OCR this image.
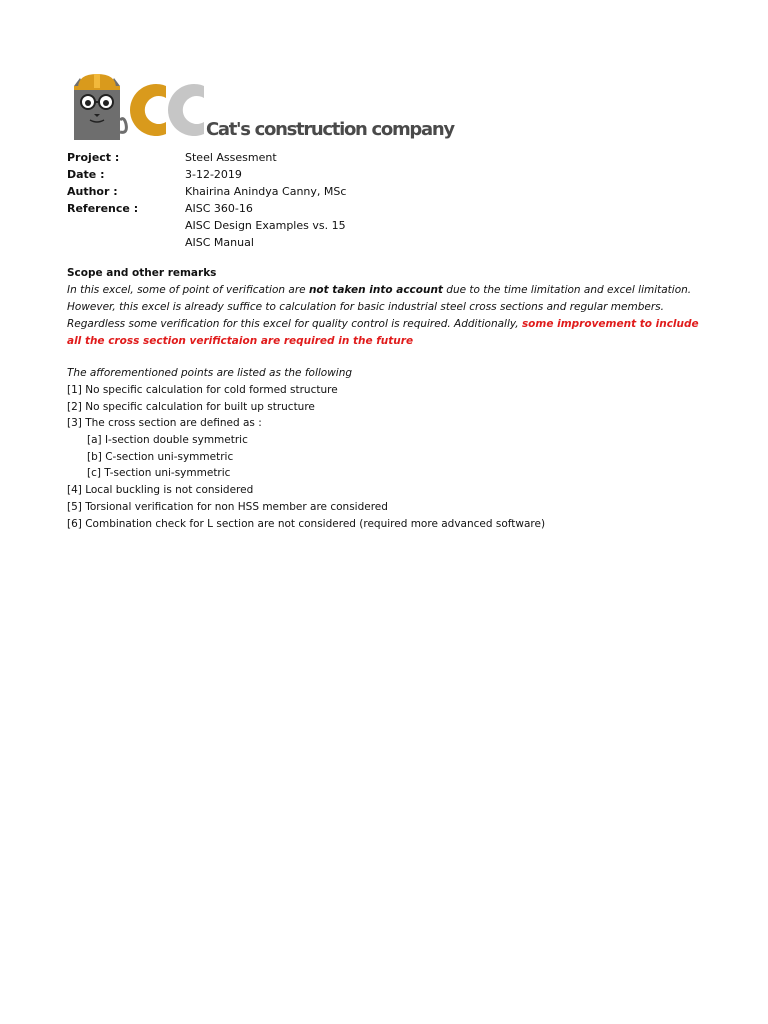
Cat's construction company
Project :	Steel Assesment
Date :	3-12-2019
Author :	Khairina Anindya Canny, MSc
Reference :	AISC 360-16
AISC Design Examples vs. 15
AISC Manual
Scope and other remarks

In this excel, some of point of verification are not taken into account due to the time limitation and excel limitation. However, this excel is already suffice to calculation for basic industrial steel cross sections and regular members. Regardless some verification for this excel for quality control is required. Additionally, some improvement to include all the cross section verifictaion are required in the future

The afforementioned points are listed as the following
[1] No specific calculation for cold formed structure
[2] No specific calculation for built up structure
[3] The cross section are defined as :
[a] I-section double symmetric
[b] C-section uni-symmetric
[c] T-section uni-symmetric
[4] Local buckling is not considered
[5] Torsional verification for non HSS member are considered
[6] Combination check for L section are not considered (required more advanced software)
